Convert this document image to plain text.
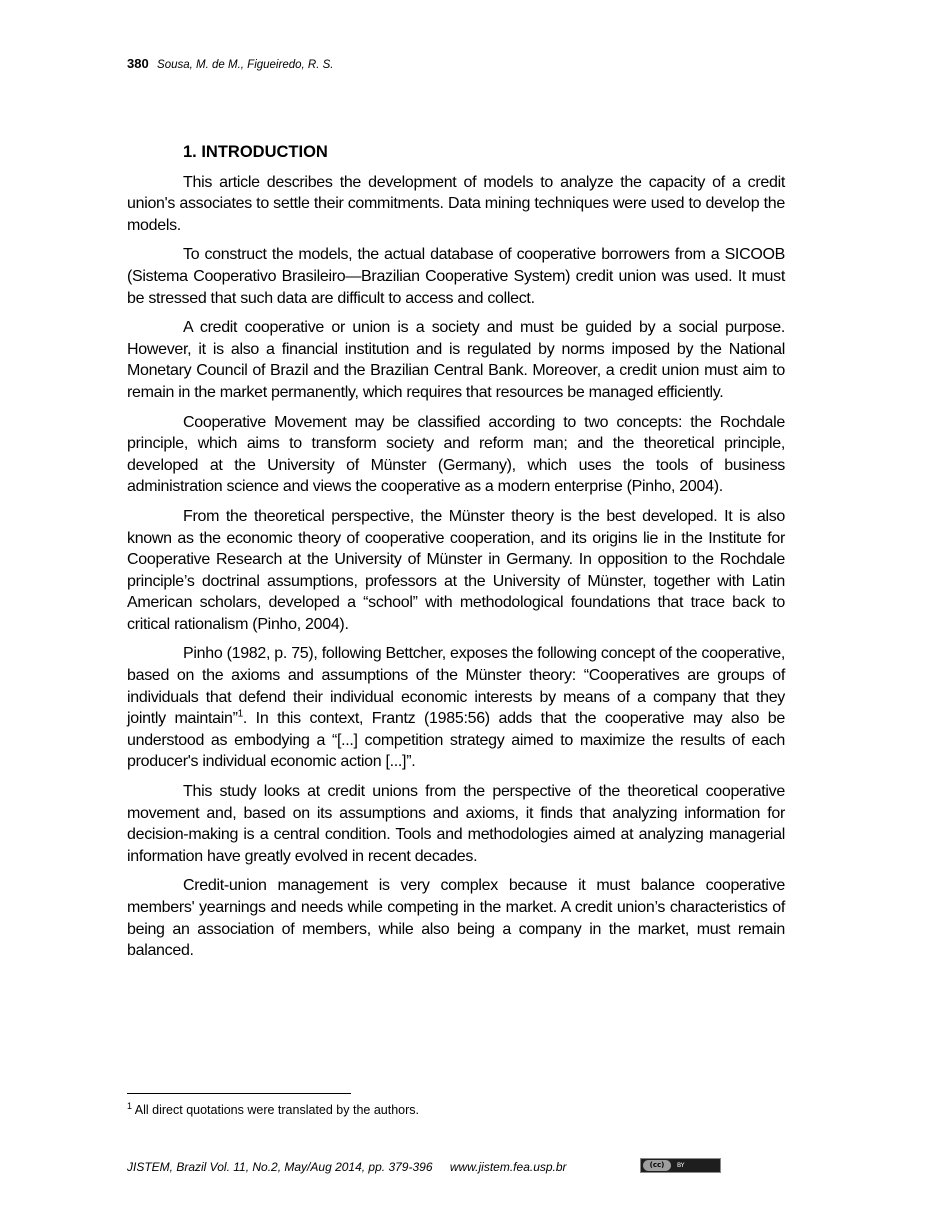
380 Sousa, M. de M., Figueiredo, R. S.
1. INTRODUCTION

This article describes the development of models to analyze the capacity of a credit union's associates to settle their commitments. Data mining techniques were used to develop the models.

To construct the models, the actual database of cooperative borrowers from a SICOOB (Sistema Cooperativo Brasileiro—Brazilian Cooperative System) credit union was used. It must be stressed that such data are difficult to access and collect.

A credit cooperative or union is a society and must be guided by a social purpose. However, it is also a financial institution and is regulated by norms imposed by the National Monetary Council of Brazil and the Brazilian Central Bank. Moreover, a credit union must aim to remain in the market permanently, which requires that resources be managed efficiently.

Cooperative Movement may be classified according to two concepts: the Rochdale principle, which aims to transform society and reform man; and the theoretical principle, developed at the University of Münster (Germany), which uses the tools of business administration science and views the cooperative as a modern enterprise (Pinho, 2004).

From the theoretical perspective, the Münster theory is the best developed. It is also known as the economic theory of cooperative cooperation, and its origins lie in the Institute for Cooperative Research at the University of Münster in Germany. In opposition to the Rochdale principle’s doctrinal assumptions, professors at the University of Münster, together with Latin American scholars, developed a “school” with methodological foundations that trace back to critical rationalism (Pinho, 2004).

Pinho (1982, p. 75), following Bettcher, exposes the following concept of the cooperative, based on the axioms and assumptions of the Münster theory: “Cooperatives are groups of individuals that defend their individual economic interests by means of a company that they jointly maintain”$^1$. In this context, Frantz (1985:56) adds that the cooperative may also be understood as embodying a “[...] competition strategy aimed to maximize the results of each producer's individual economic action [...]”.

This study looks at credit unions from the perspective of the theoretical cooperative movement and, based on its assumptions and axioms, it finds that analyzing information for decision-making is a central condition. Tools and methodologies aimed at analyzing managerial information have greatly evolved in recent decades.

Credit-union management is very complex because it must balance cooperative members' yearnings and needs while competing in the market. A credit union’s characteristics of being an association of members, while also being a company in the market, must remain balanced.

$^1$ All direct quotations were translated by the authors.
JISTEM, Brazil Vol. 11, No.2, May/Aug 2014, pp. 379-396 www.jistem.fea.usp.br	(cc)	BY
